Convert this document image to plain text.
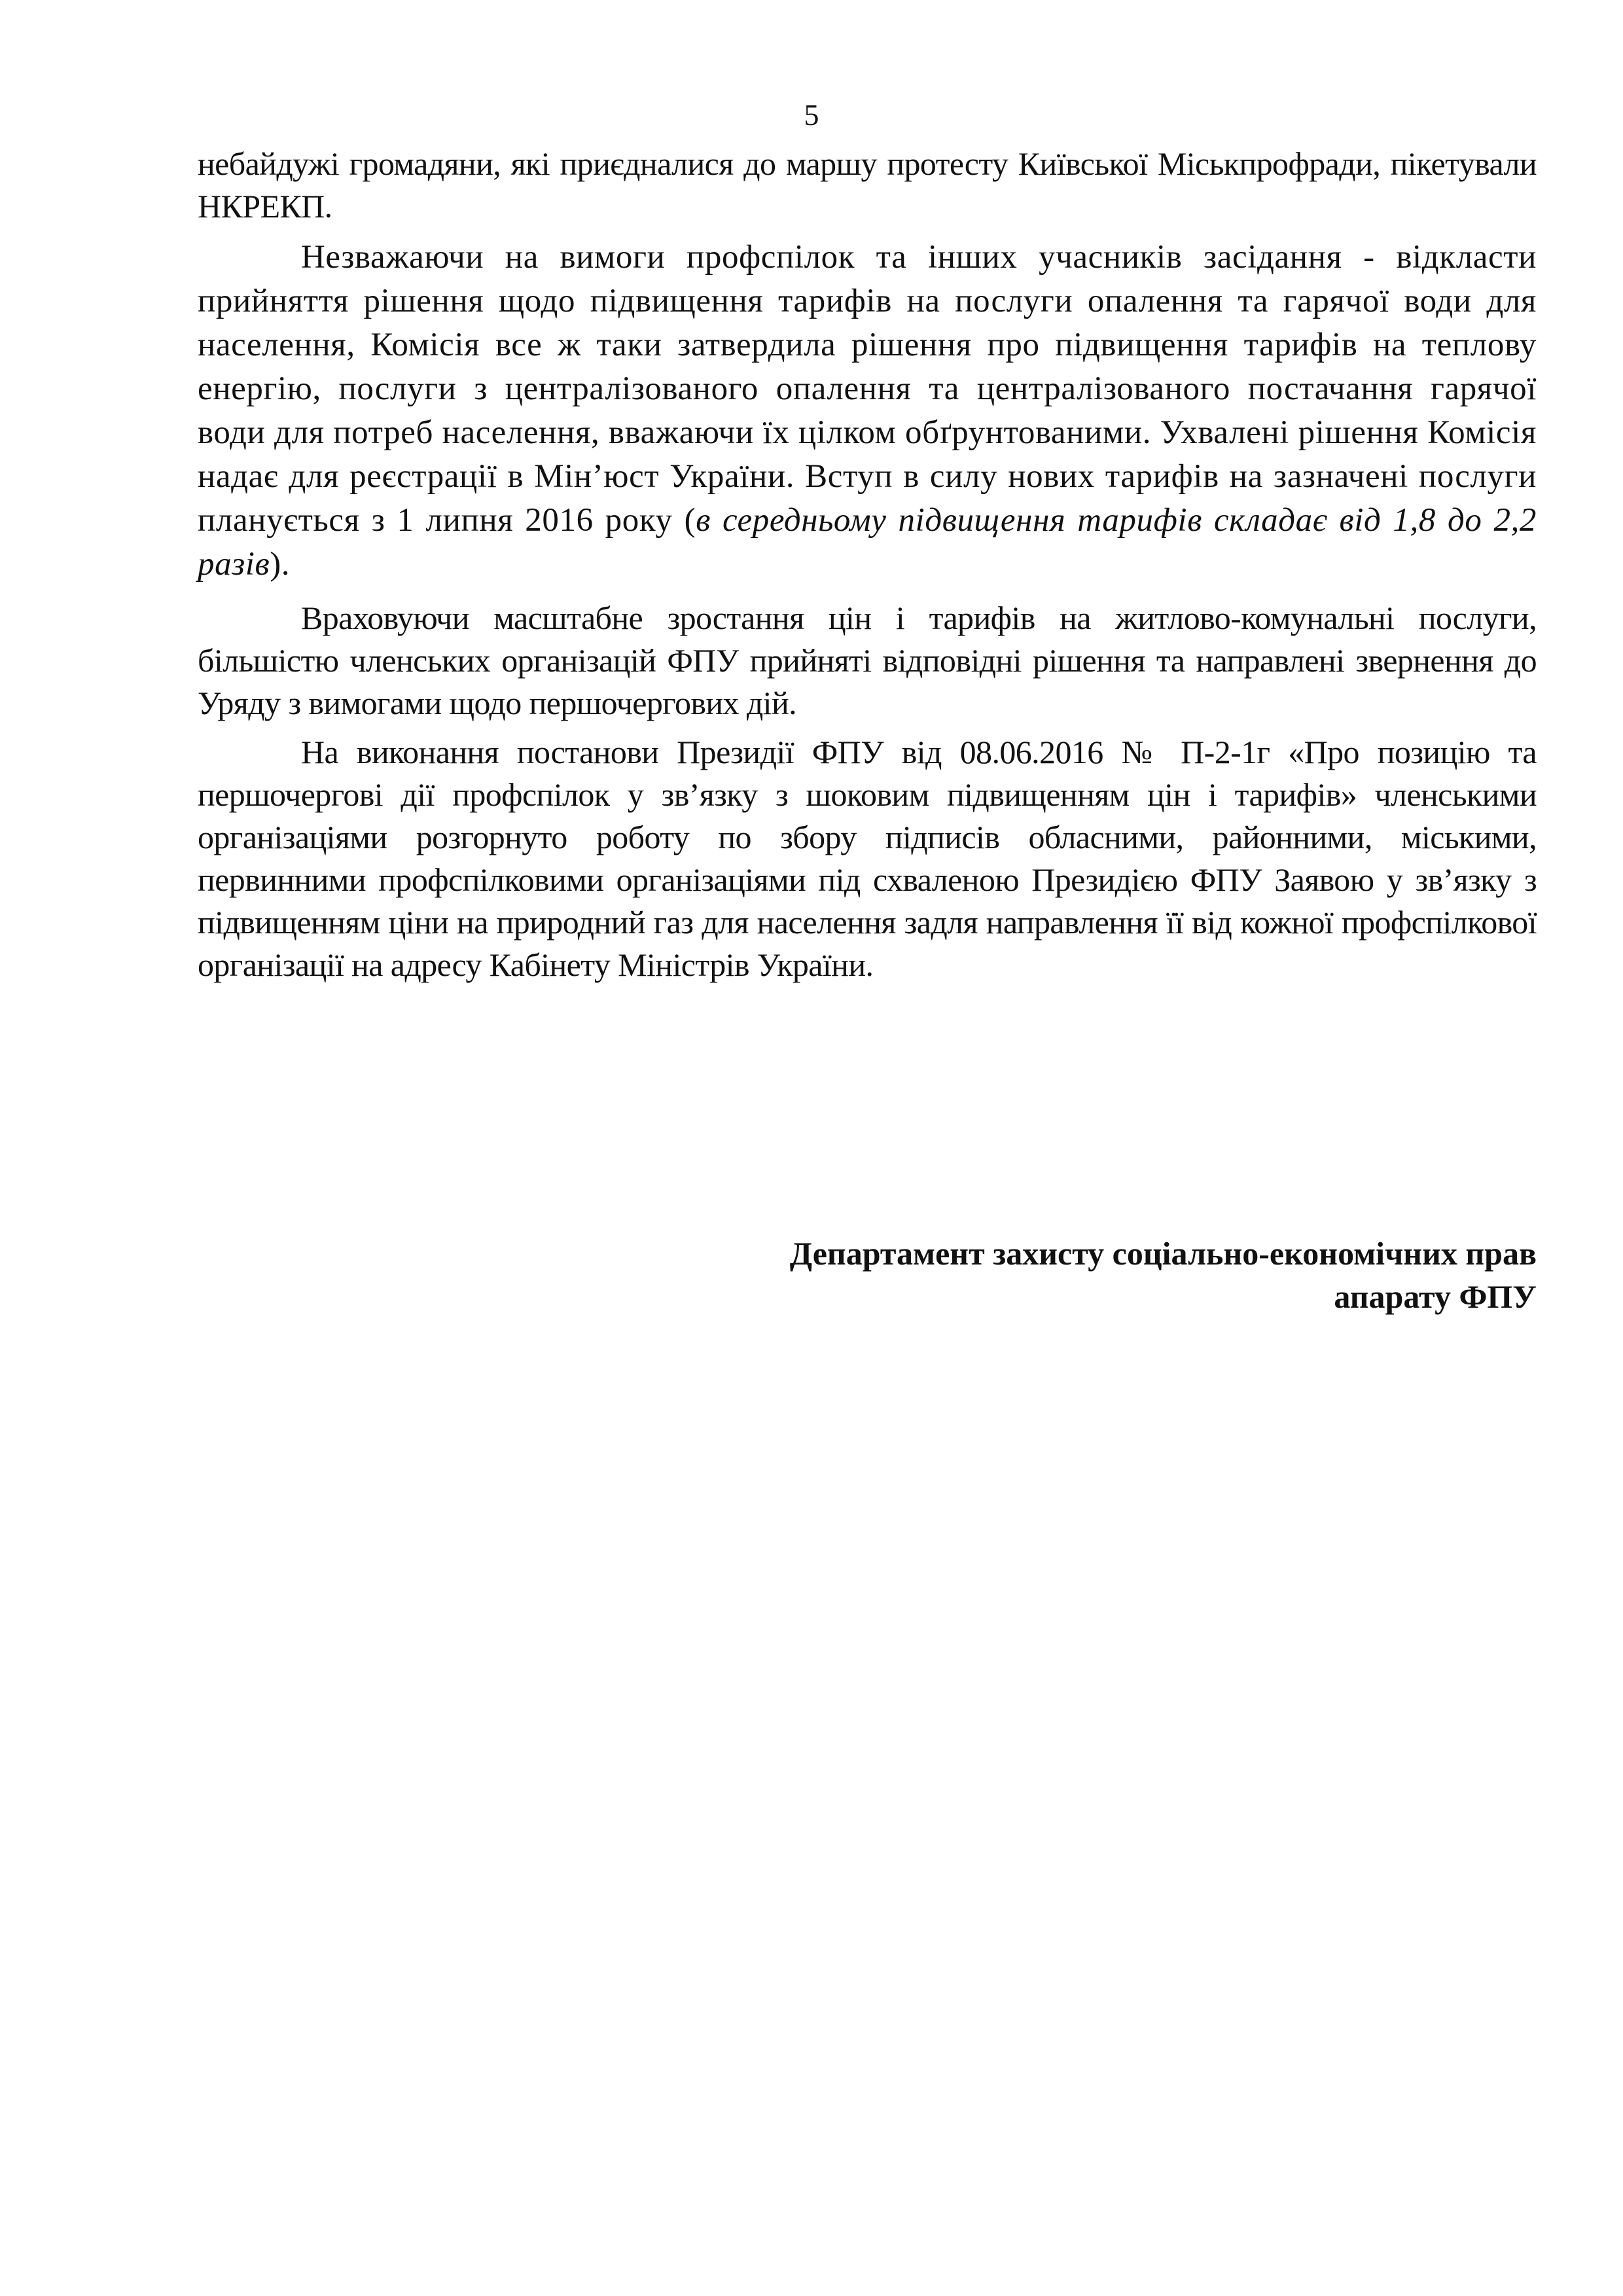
5

небайдужі громадяни, які приєдналися до маршу протесту Київської Міськпрофради, пікетували НКРЕКП.

Незважаючи на вимоги профспілок та інших учасників засідання - відкласти прийняття рішення щодо підвищення тарифів на послуги опалення та гарячої води для населення, Комісія все ж таки затвердила рішення про підвищення тарифів на теплову енергію, послуги з централізованого опалення та централізованого постачання гарячої води для потреб населення, вважаючи їх цілком обґрунтованими. Ухвалені рішення Комісія надає для реєстрації в Мін’юст України. Вступ в силу нових тарифів на зазначені послуги планується з 1 липня 2016 року (в середньому підвищення тарифів складає від 1,8 до 2,2 разів).

Враховуючи масштабне зростання цін і тарифів на житлово-комунальні послуги, більшістю членських організацій ФПУ прийняті відповідні рішення та направлені звернення до Уряду з вимогами щодо першочергових дій.

На виконання постанови Президії ФПУ від 08.06.2016 № П-2-1г «Про позицію та першочергові дії профспілок у зв’язку з шоковим підвищенням цін і тарифів» членськими організаціями розгорнуто роботу по збору підписів обласними, районними, міськими, первинними профспілковими організаціями під схваленою Президією ФПУ Заявою у зв’язку з підвищенням ціни на природний газ для населення задля направлення її від кожної профспілкової організації на адресу Кабінету Міністрів України.

Департамент захисту соціально-економічних прав
апарату ФПУ
